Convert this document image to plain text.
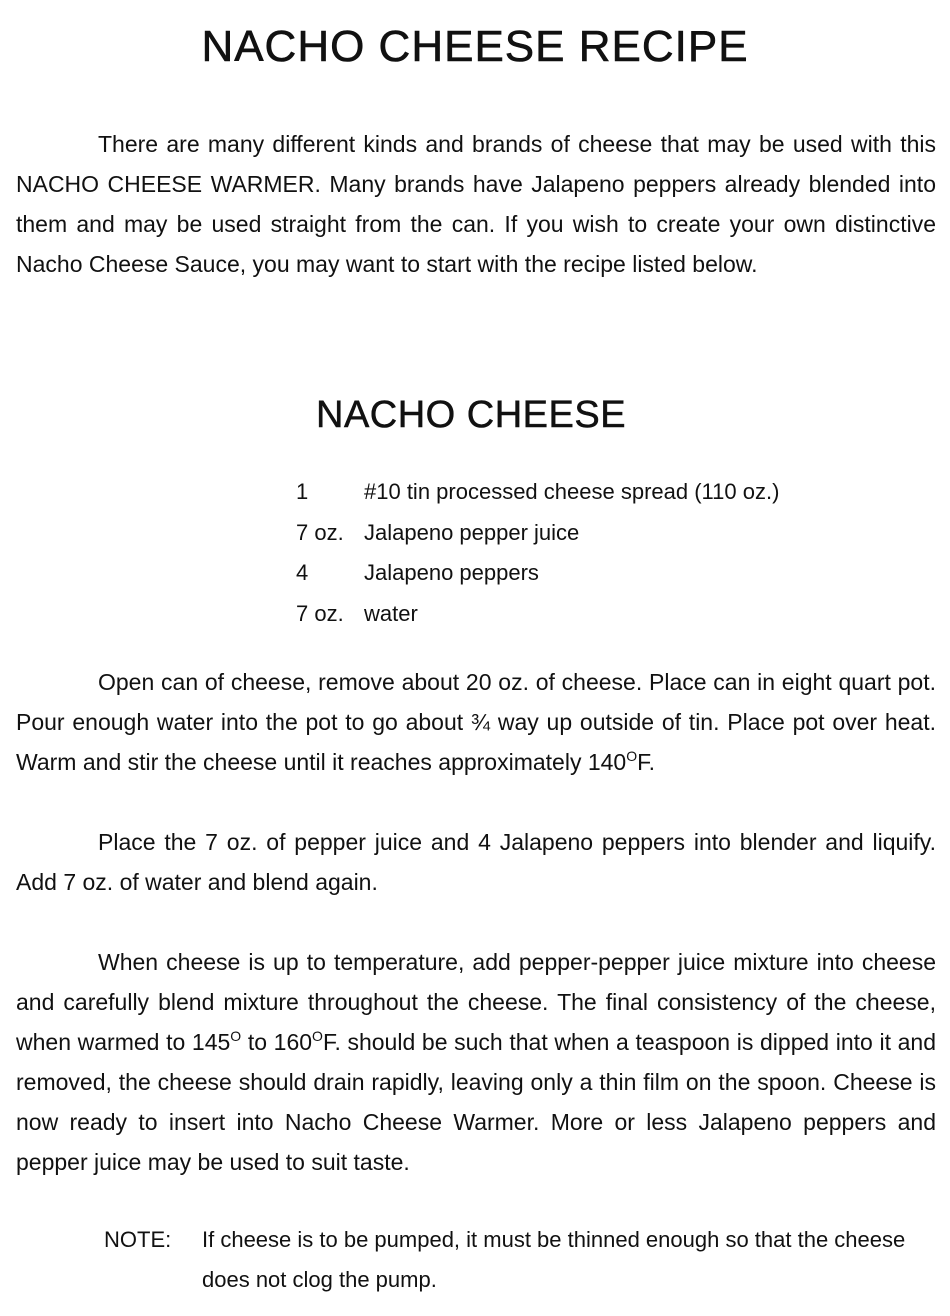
NACHO CHEESE RECIPE

There are many different kinds and brands of cheese that may be used with this NACHO CHEESE WARMER. Many brands have Jalapeno peppers already blended into them and may be used straight from the can. If you wish to create your own distinctive Nacho Cheese Sauce, you may want to start with the recipe listed below.

NACHO CHEESE
1	#10 tin processed cheese spread (110 oz.)
7 oz. Jalapeno pepper juice
4	Jalapeno peppers
7 oz. water

Open can of cheese, remove about 20 oz. of cheese. Place can in eight quart pot. Pour enough water into the pot to go about ¾ way up outside of tin. Place pot over heat. Warm and stir the cheese until it reaches approximately $140^OF$.

Place the 7 oz. of pepper juice and 4 Jalapeno peppers into blender and liquify. Add 7 oz. of water and blend again.

When cheese is up to temperature, add pepper-pepper juice mixture into cheese and carefully blend mixture throughout the cheese. The final consistency of the cheese, when warmed to $145^O$ to $160^OF$. should be such that when a teaspoon is dipped into it and removed, the cheese should drain rapidly, leaving only a thin film on the spoon. Cheese is now ready to insert into Nacho Cheese Warmer. More or less Jalapeno peppers and pepper juice may be used to suit taste.

NOTE:	If cheese is to be pumped, it must be thinned enough so that the cheese does not clog the pump.
